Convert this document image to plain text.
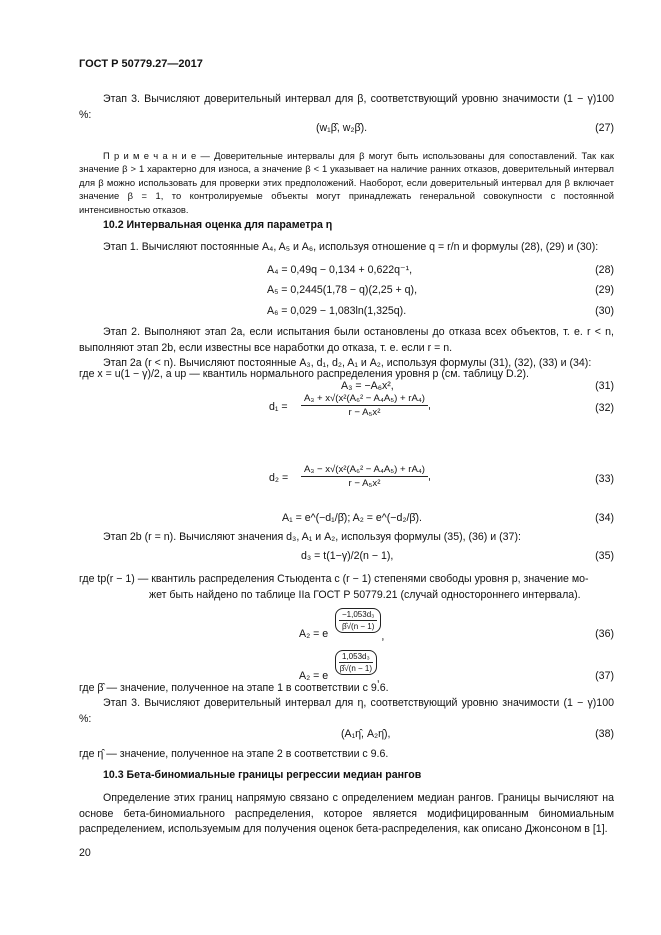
ГОСТ Р 50779.27—2017

Этап 3. Вычисляют доверительный интервал для β, соответствующий уровню значимости (1 − γ)100 %:

(w₁β̂, w₂β̂).	(27)

П р и м е ч а н и е — Доверительные интервалы для β могут быть использованы для сопоставлений. Так как значение β > 1 характерно для износа, а значение β < 1 указывает на наличие ранних отказов, доверительный интервал для β можно использовать для проверки этих предположений. Наоборот, если доверительный интервал для β включает значение β = 1, то контролируемые объекты могут принадлежать генеральной совокупности с постоянной интенсивностью отказов.

10.2 Интервальная оценка для параметра η

Этап 1. Вычисляют постоянные A₄, A₅ и A₆, используя отношение q = r/n и формулы (28), (29) и (30):

A₄ = 0,49q − 0,134 + 0,622q⁻¹,	(28)
A₅ = 0,2445(1,78 − q)(2,25 + q),	(29)
A₆ = 0,029 − 1,083ln(1,325q).	(30)

Этап 2. Выполняют этап 2а, если испытания были остановлены до отказа всех объектов, т. е. r < n, выполняют этап 2b, если известны все наработки до отказа, т. е. если r = n.

Этап 2a (r < n). Вычисляют постоянные A₃, d₁, d₂, A₁ и A₂, используя формулы (31), (32), (33) и (34):

A₃ = −A₆x²,	(31)

где x = u(1 − γ)/2, а up — квантиль нормального распределения уровня p (см. таблицу D.2).

$d_1 = \frac{\text{A₃ + x√(x²(A₆² − A₄A₅) + rA₄)}}{\text{r − A₅x²}}$ ,	(32)
$d_2 = \frac{\text{A₃ − x√(x²(A₆² − A₄A₅) + rA₄)}}{\text{r − A₅x²}}$ ,	(33)
A₁ = e^(−d₁/β̂); A₂ = e^(−d₂/β̂).	(34)

Этап 2b (r = n). Вычисляют значения d₃, A₁ и A₂, используя формулы (35), (36) и (37):

d₃ = t(1−γ)/2(n − 1),	(35)

где tp(r − 1) — квантиль распределения Стьюдента с (r − 1) степенями свободы уровня p, значение мо-

жет быть найдено по таблице IIa ГОСТ Р 50779.21 (случай одностороннего интервала).

A₂ = e
$\frac{\text{−1,053d₃}}{\betâ√(n - 1)}$
,	(36)
A₂ = e
$\frac{\text{1,053d₃}}{\betâ√(n - 1)}$
,	(37)

где β̂ — значение, полученное на этапе 1 в соответствии с 9.6.

Этап 3. Вычисляют доверительный интервал для η, соответствующий уровню значимости (1 − γ)100 %:

(A₁η̂, A₂η̂),	(38)

где η̂ — значение, полученное на этапе 2 в соответствии с 9.6.

10.3 Бета-биномиальные границы регрессии медиан рангов

Определение этих границ напрямую связано с определением медиан рангов. Границы вычисляют на основе бета-биномиального распределения, которое является модифицированным биномиальным распределением, используемым для получения оценок бета-распределения, как описано Джонсоном в [1].

20
